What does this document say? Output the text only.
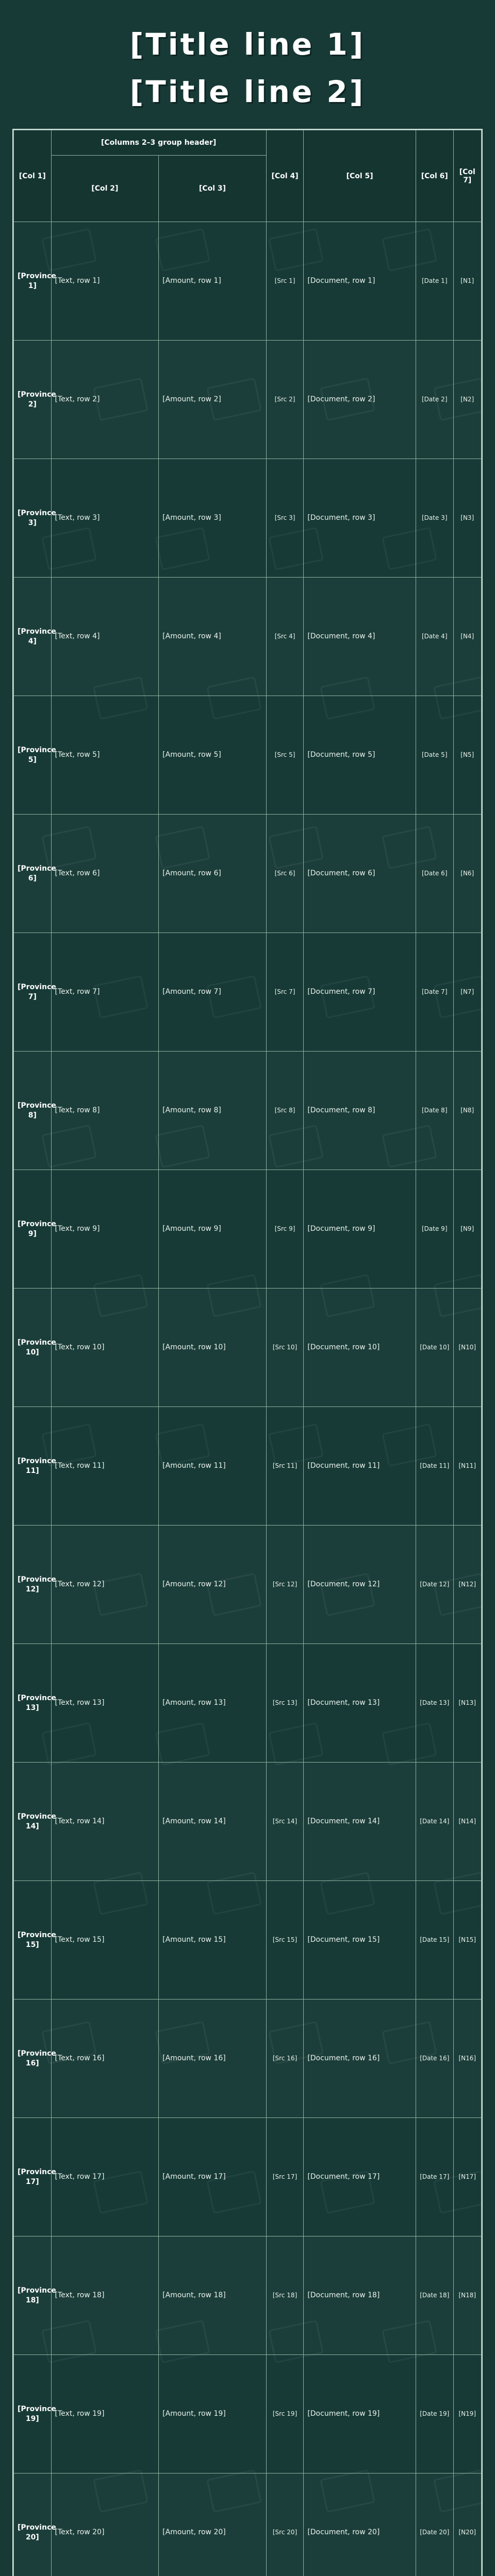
[Title line 1]
[Title line 2]
[Col 1]	[Columns 2–3 group header]		[Col 4]	[Col 5]	[Col 6]	[Col 7]
	[Col 2]	[Col 3]				
[Province 1]	[Text, row 1]	[Amount, row 1]	[Src 1]	[Document, row 1]	[Date 1]	[N1]
[Province 2]	[Text, row 2]	[Amount, row 2]	[Src 2]	[Document, row 2]	[Date 2]	[N2]
[Province 3]	[Text, row 3]	[Amount, row 3]	[Src 3]	[Document, row 3]	[Date 3]	[N3]
[Province 4]	[Text, row 4]	[Amount, row 4]	[Src 4]	[Document, row 4]	[Date 4]	[N4]
[Province 5]	[Text, row 5]	[Amount, row 5]	[Src 5]	[Document, row 5]	[Date 5]	[N5]
[Province 6]	[Text, row 6]	[Amount, row 6]	[Src 6]	[Document, row 6]	[Date 6]	[N6]
[Province 7]	[Text, row 7]	[Amount, row 7]	[Src 7]	[Document, row 7]	[Date 7]	[N7]
[Province 8]	[Text, row 8]	[Amount, row 8]	[Src 8]	[Document, row 8]	[Date 8]	[N8]
[Province 9]	[Text, row 9]	[Amount, row 9]	[Src 9]	[Document, row 9]	[Date 9]	[N9]
[Province 10]	[Text, row 10]	[Amount, row 10]	[Src 10]	[Document, row 10]	[Date 10]	[N10]
[Province 11]	[Text, row 11]	[Amount, row 11]	[Src 11]	[Document, row 11]	[Date 11]	[N11]
[Province 12]	[Text, row 12]	[Amount, row 12]	[Src 12]	[Document, row 12]	[Date 12]	[N12]
[Province 13]	[Text, row 13]	[Amount, row 13]	[Src 13]	[Document, row 13]	[Date 13]	[N13]
[Province 14]	[Text, row 14]	[Amount, row 14]	[Src 14]	[Document, row 14]	[Date 14]	[N14]
[Province 15]	[Text, row 15]	[Amount, row 15]	[Src 15]	[Document, row 15]	[Date 15]	[N15]
[Province 16]	[Text, row 16]	[Amount, row 16]	[Src 16]	[Document, row 16]	[Date 16]	[N16]
[Province 17]	[Text, row 17]	[Amount, row 17]	[Src 17]	[Document, row 17]	[Date 17]	[N17]
[Province 18]	[Text, row 18]	[Amount, row 18]	[Src 18]	[Document, row 18]	[Date 18]	[N18]
[Province 19]	[Text, row 19]	[Amount, row 19]	[Src 19]	[Document, row 19]	[Date 19]	[N19]
[Province 20]	[Text, row 20]	[Amount, row 20]	[Src 20]	[Document, row 20]	[Date 20]	[N20]
